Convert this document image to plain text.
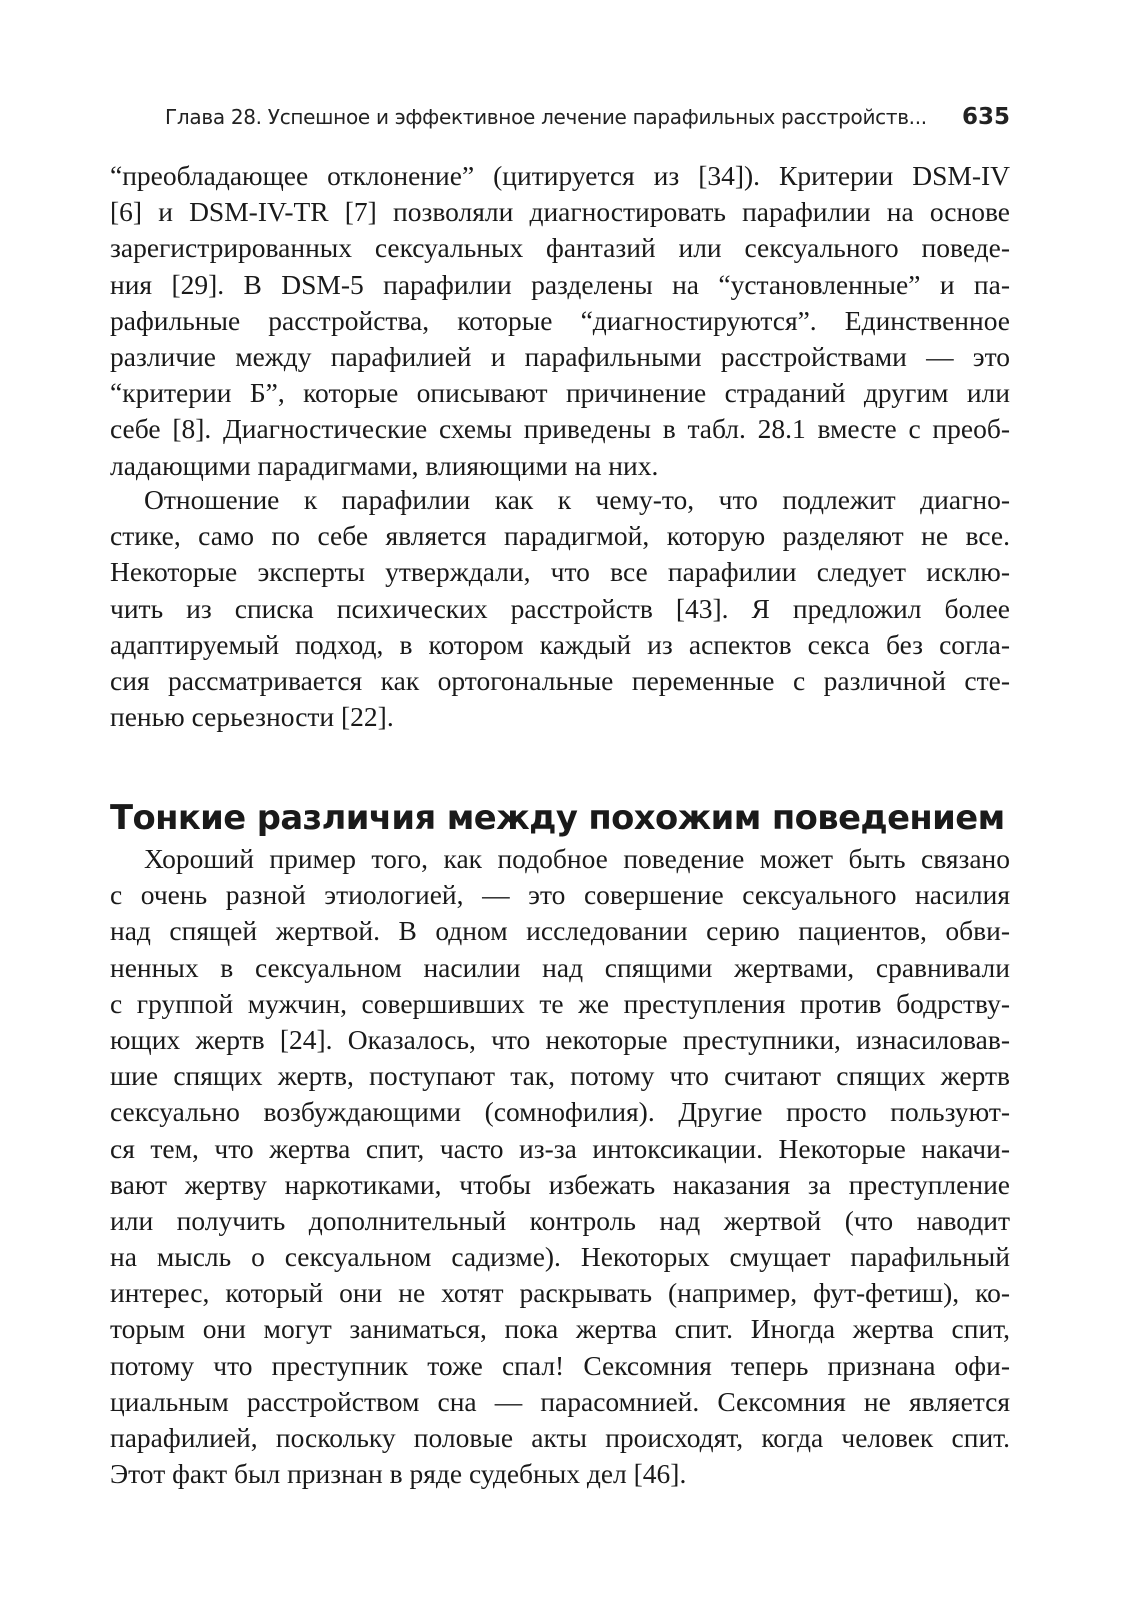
Глава 28. Успешное и эффективное лечение парафильных расстройств... 635
“преобладающее отклонение” (цитируется из [34]). Критерии DSM-IV
[6] и DSM-IV-TR [7] позволяли диагностировать парафилии на основе
зарегистрированных сексуальных фантазий или сексуального поведе-
ния [29]. В DSM-5 парафилии разделены на “установленные” и па-
рафильные расстройства, которые “диагностируются”. Единственное
различие между парафилией и парафильными расстройствами — это
“критерии Б”, которые описывают причинение страданий другим или
себе [8]. Диагностические схемы приведены в табл. 28.1 вместе с преоб-
ладающими парадигмами, влияющими на них.
Отношение к парафилии как к чему-то, что подлежит диагно-
стике, само по себе является парадигмой, которую разделяют не все.
Некоторые эксперты утверждали, что все парафилии следует исклю-
чить из списка психических расстройств [43]. Я предложил более
адаптируемый подход, в котором каждый из аспектов секса без согла-
сия рассматривается как ортогональные переменные с различной сте-
пенью серьезности [22].
Тонкие различия между похожим поведением
Хороший пример того, как подобное поведение может быть связано
с очень разной этиологией, — это совершение сексуального насилия
над спящей жертвой. В одном исследовании серию пациентов, обви-
ненных в сексуальном насилии над спящими жертвами, сравнивали
с группой мужчин, совершивших те же преступления против бодрству-
ющих жертв [24]. Оказалось, что некоторые преступники, изнасиловав-
шие спящих жертв, поступают так, потому что считают спящих жертв
сексуально возбуждающими (сомнофилия). Другие просто пользуют-
ся тем, что жертва спит, часто из-за интоксикации. Некоторые накачи-
вают жертву наркотиками, чтобы избежать наказания за преступление
или получить дополнительный контроль над жертвой (что наводит
на мысль о сексуальном садизме). Некоторых смущает парафильный
интерес, который они не хотят раскрывать (например, фут-фетиш), ко-
торым они могут заниматься, пока жертва спит. Иногда жертва спит,
потому что преступник тоже спал! Сексомния теперь признана офи-
циальным расстройством сна — парасомнией. Сексомния не является
парафилией, поскольку половые акты происходят, когда человек спит.
Этот факт был признан в ряде судебных дел [46].
